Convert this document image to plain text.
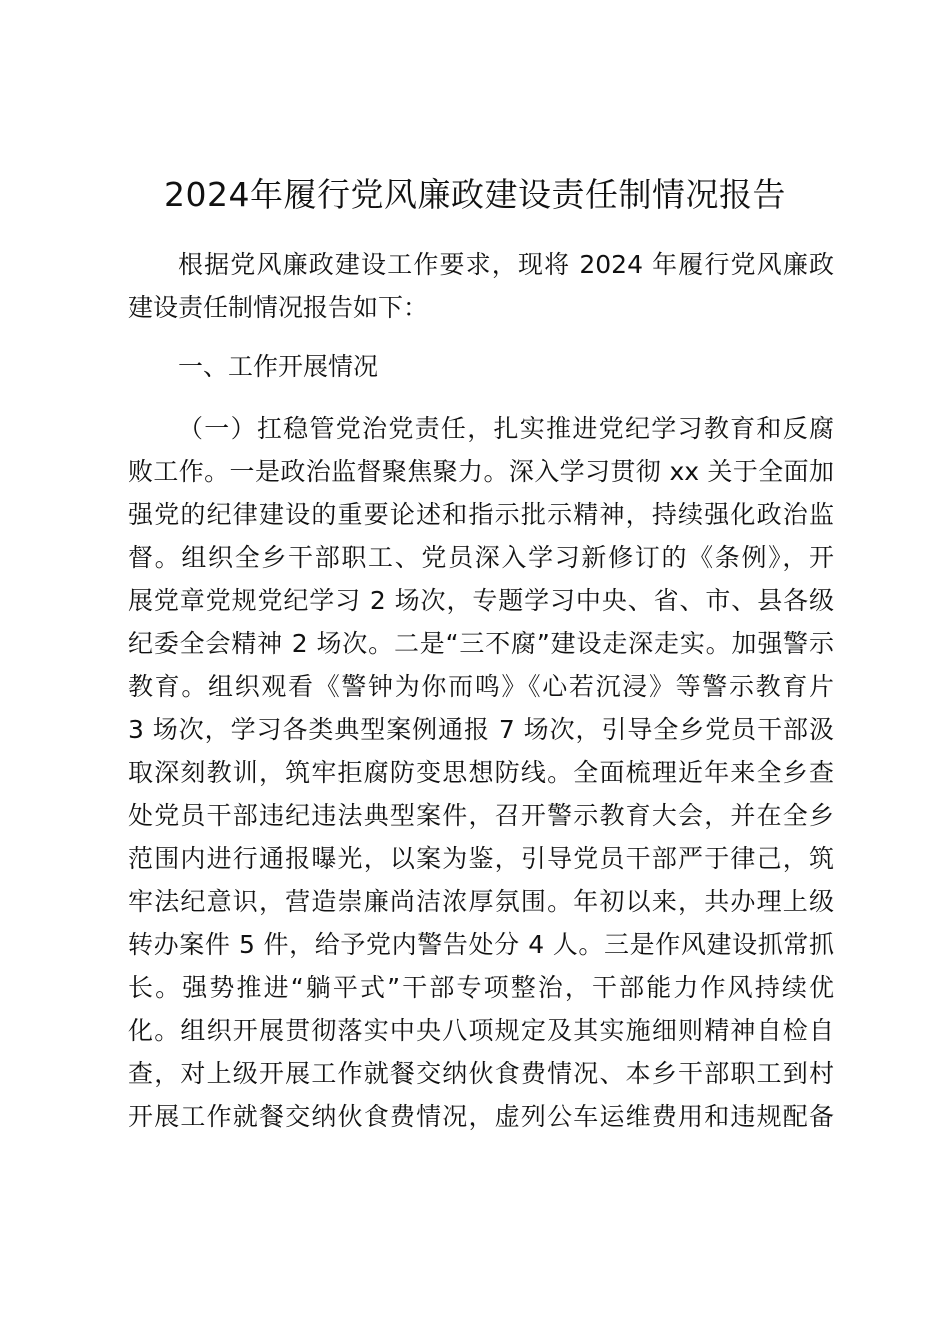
2024年履行党风廉政建设责任制情况报告
根据党风廉政建设工作要求，现将 2024 年履行党风廉政
建设责任制情况报告如下：
一、工作开展情况
（一）扛稳管党治党责任，扎实推进党纪学习教育和反腐
败工作。一是政治监督聚焦聚力。深入学习贯彻 xx 关于全面加
强党的纪律建设的重要论述和指示批示精神，持续强化政治监
督。组织全乡干部职工、党员深入学习新修订的《条例》，开
展党章党规党纪学习 2 场次，专题学习中央、省、市、县各级
纪委全会精神 2 场次。二是“三不腐”建设走深走实。加强警示
教育。组织观看《警钟为你而鸣》《心若沉浸》等警示教育片
3 场次，学习各类典型案例通报 7 场次，引导全乡党员干部汲
取深刻教训，筑牢拒腐防变思想防线。全面梳理近年来全乡查
处党员干部违纪违法典型案件，召开警示教育大会，并在全乡
范围内进行通报曝光，以案为鉴，引导党员干部严于律己，筑
牢法纪意识，营造崇廉尚洁浓厚氛围。年初以来，共办理上级
转办案件 5 件，给予党内警告处分 4 人。三是作风建设抓常抓
长。强势推进“躺平式”干部专项整治，干部能力作风持续优
化。组织开展贯彻落实中央八项规定及其实施细则精神自检自
查，对上级开展工作就餐交纳伙食费情况、本乡干部职工到村
开展工作就餐交纳伙食费情况，虚列公车运维费用和违规配备
